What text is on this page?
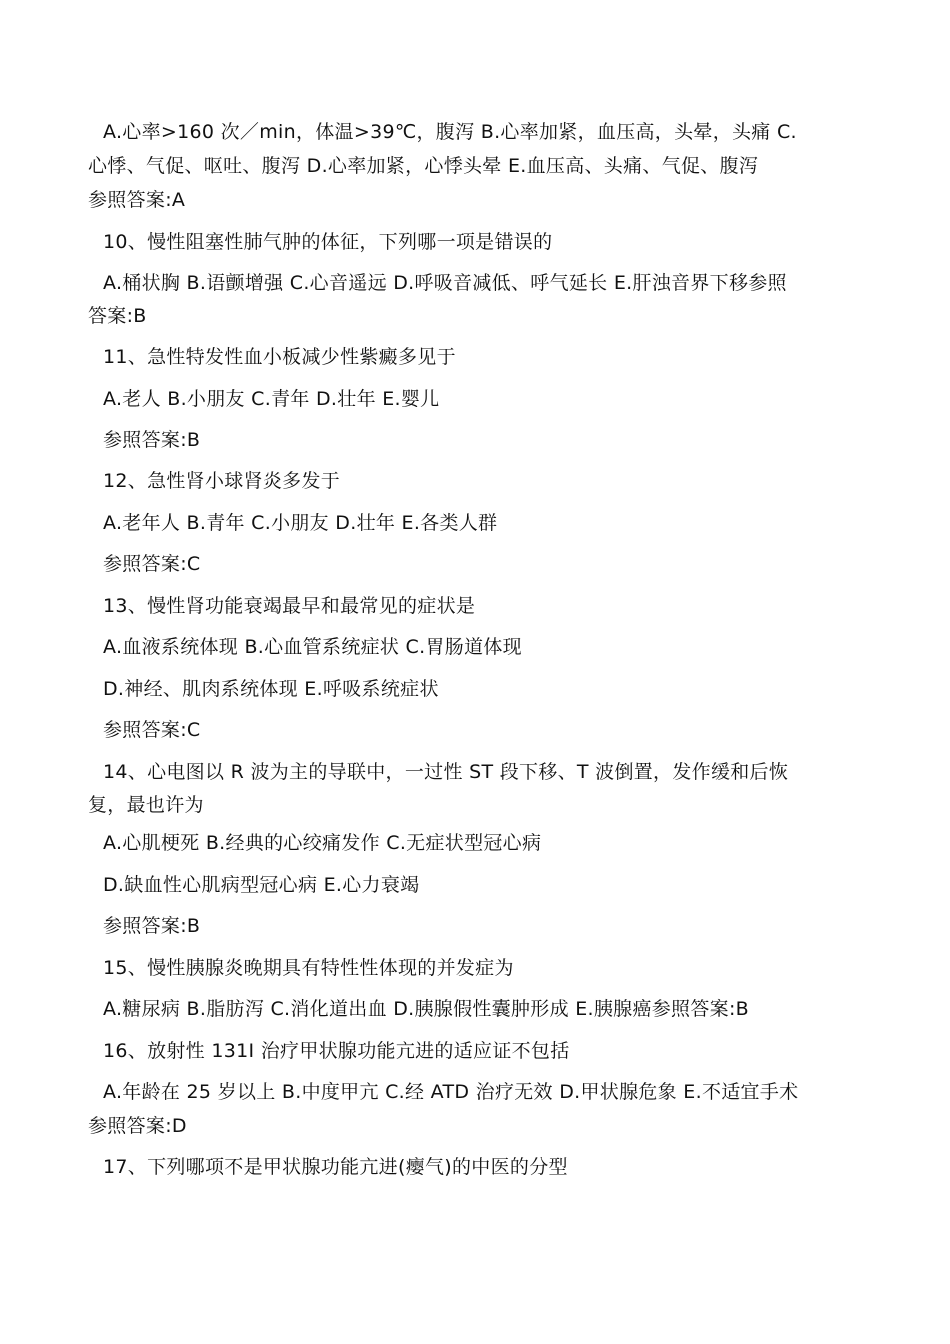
A.心率>160 次／min，体温>39℃，腹泻 B.心率加紧，血压高，头晕，头痛 C.
心悸、气促、呕吐、腹泻 D.心率加紧，心悸头晕 E.血压高、头痛、气促、腹泻
参照答案:A
10、慢性阻塞性肺气肿的体征，下列哪一项是错误的
A.桶状胸 B.语颤增强 C.心音遥远 D.呼吸音减低、呼气延长 E.肝浊音界下移参照
答案:B
11、急性特发性血小板减少性紫癜多见于
A.老人 B.小朋友 C.青年 D.壮年 E.婴儿
参照答案:B
12、急性肾小球肾炎多发于
A.老年人 B.青年 C.小朋友 D.壮年 E.各类人群
参照答案:C
13、慢性肾功能衰竭最早和最常见的症状是
A.血液系统体现 B.心血管系统症状 C.胃肠道体现
D.神经、肌肉系统体现 E.呼吸系统症状
参照答案:C
14、心电图以 R 波为主的导联中，一过性 ST 段下移、T 波倒置，发作缓和后恢
复，最也许为
A.心肌梗死 B.经典的心绞痛发作 C.无症状型冠心病
D.缺血性心肌病型冠心病 E.心力衰竭
参照答案:B
15、慢性胰腺炎晚期具有特性性体现的并发症为
A.糖尿病 B.脂肪泻 C.消化道出血 D.胰腺假性囊肿形成 E.胰腺癌参照答案:B
16、放射性 131I 治疗甲状腺功能亢进的适应证不包括
A.年龄在 25 岁以上 B.中度甲亢 C.经 ATD 治疗无效 D.甲状腺危象 E.不适宜手术
参照答案:D
17、下列哪项不是甲状腺功能亢进(瘿气)的中医的分型
